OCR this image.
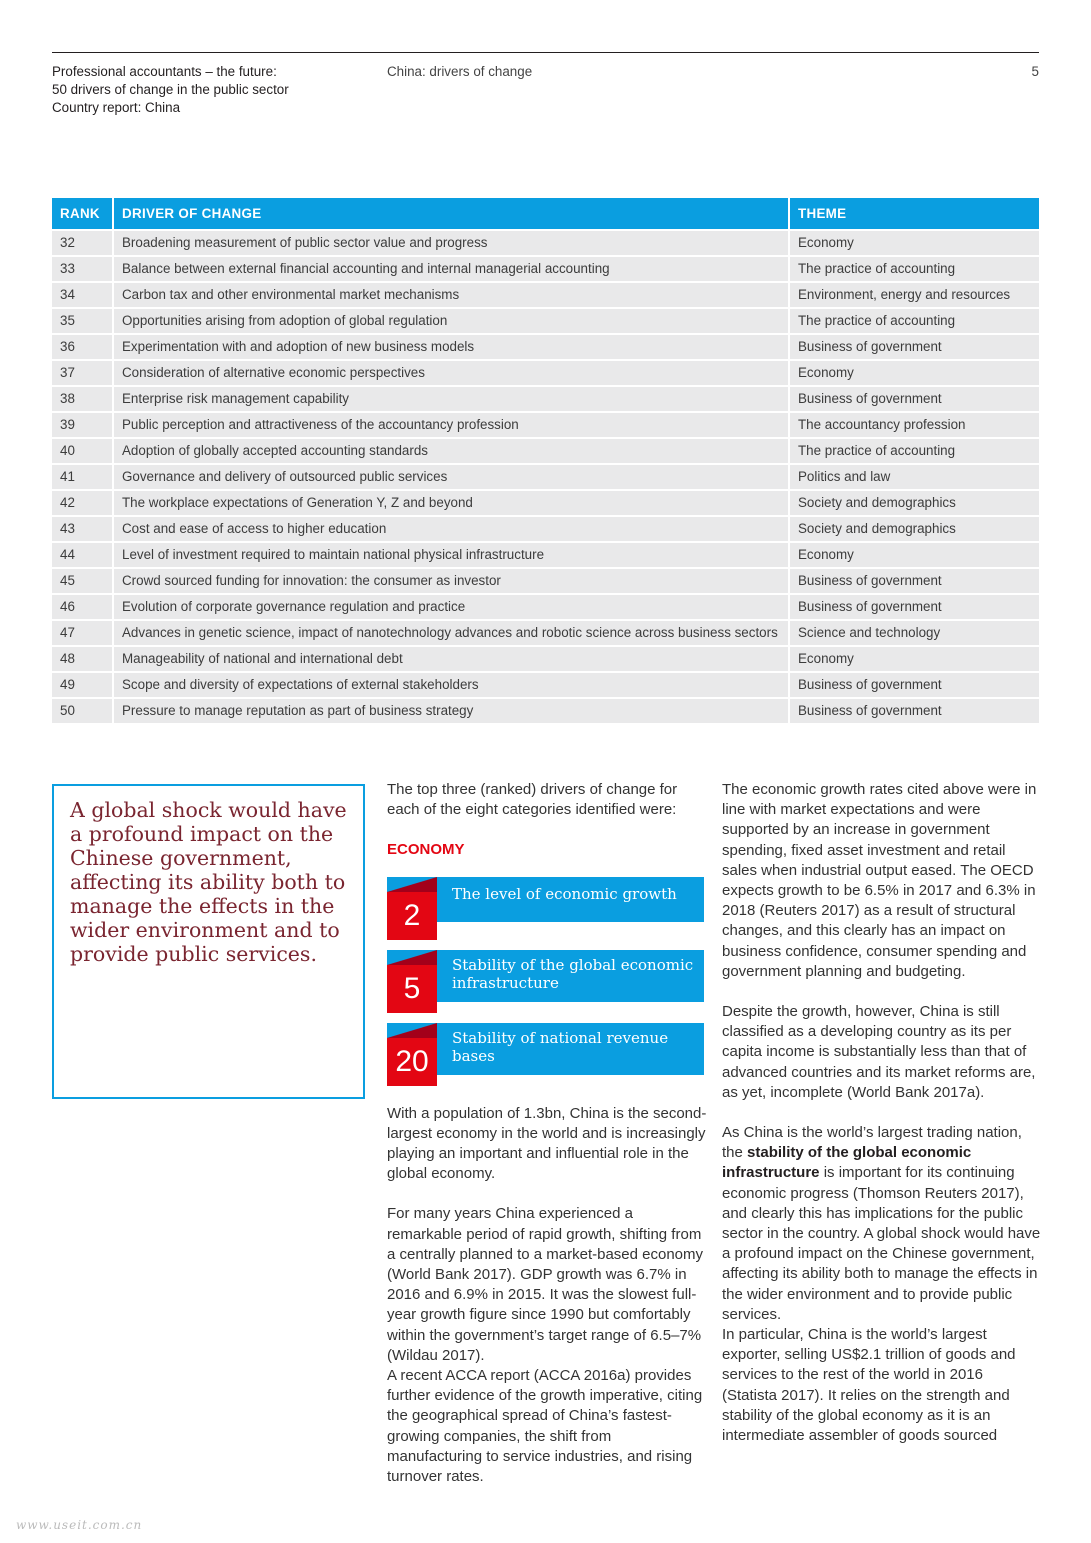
Professional accountants – the future:
50 drivers of change in the public sector
Country report: China
China: drivers of change	5
RANK	DRIVER OF CHANGE	THEME
32	Broadening measurement of public sector value and progress	Economy
33	Balance between external financial accounting and internal managerial accounting	The practice of accounting
34	Carbon tax and other environmental market mechanisms	Environment, energy and resources
35	Opportunities arising from adoption of global regulation	The practice of accounting
36	Experimentation with and adoption of new business models	Business of government
37	Consideration of alternative economic perspectives	Economy
38	Enterprise risk management capability	Business of government
39	Public perception and attractiveness of the accountancy profession	The accountancy profession
40	Adoption of globally accepted accounting standards	The practice of accounting
41	Governance and delivery of outsourced public services	Politics and law
42	The workplace expectations of Generation Y, Z and beyond	Society and demographics
43	Cost and ease of access to higher education	Society and demographics
44	Level of investment required to maintain national physical infrastructure	Economy
45	Crowd sourced funding for innovation: the consumer as investor	Business of government
46	Evolution of corporate governance regulation and practice	Business of government
47	Advances in genetic science, impact of nanotechnology advances and robotic science across business sectors	Science and technology
48	Manageability of national and international debt	Economy
49	Scope and diversity of expectations of external stakeholders	Business of government
50	Pressure to manage reputation as part of business strategy	Business of government
A global shock would have a profound impact on the Chinese government, affecting its ability both to manage the effects in the wider environment and to provide public services.

The top three (ranked) drivers of change for each of the eight categories identified were:

ECONOMY
2
The level of economic growth
5
Stability of the global economic infrastructure
20
Stability of national revenue bases

With a population of 1.3bn, China is the second-largest economy in the world and is increasingly playing an important and influential role in the global economy.

For many years China experienced a remarkable period of rapid growth, shifting from a centrally planned to a market-based economy (World Bank 2017). GDP growth was 6.7% in 2016 and 6.9% in 2015. It was the slowest full-year growth figure since 1990 but comfortably within the government’s target range of 6.5–7% (Wildau 2017).

A recent ACCA report (ACCA 2016a) provides further evidence of the growth imperative, citing the geographical spread of China’s fastest-growing companies, the shift from manufacturing to service industries, and rising turnover rates.

The economic growth rates cited above were in line with market expectations and were supported by an increase in government spending, fixed asset investment and retail sales when industrial output eased. The OECD expects growth to be 6.5% in 2017 and 6.3% in 2018 (Reuters 2017) as a result of structural changes, and this clearly has an impact on business confidence, consumer spending and government planning and budgeting.

Despite the growth, however, China is still classified as a developing country as its per capita income is substantially less than that of advanced countries and its market reforms are, as yet, incomplete (World Bank 2017a).

As China is the world’s largest trading nation, the stability of the global economic infrastructure is important for its continuing economic progress (Thomson Reuters 2017), and clearly this has implications for the public sector in the country. A global shock would have a profound impact on the Chinese government, affecting its ability both to manage the effects in the wider environment and to provide public services.

In particular, China is the world’s largest exporter, selling US$2.1 trillion of goods and services to the rest of the world in 2016 (Statista 2017). It relies on the strength and stability of the global economy as it is an intermediate assembler of goods sourced

www.useit.com.cn
